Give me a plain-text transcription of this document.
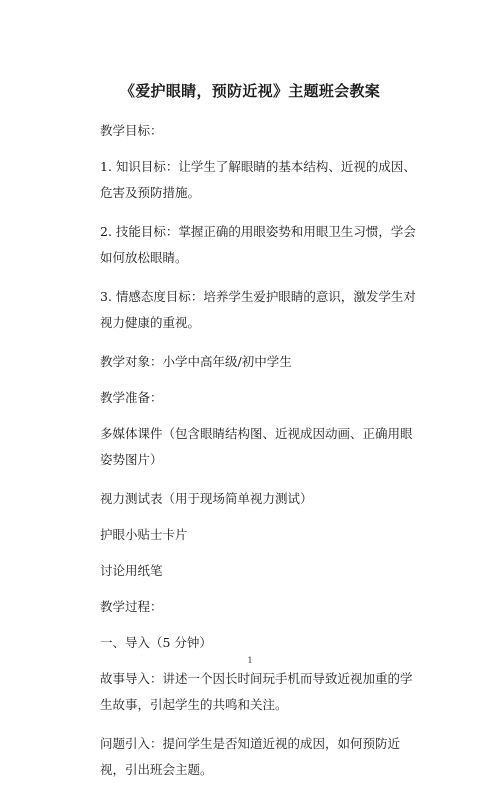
《爱护眼睛，预防近视》主题班会教案

教学目标：

1. 知识目标：让学生了解眼睛的基本结构、近视的成因、危害及预防措施。

2. 技能目标：掌握正确的用眼姿势和用眼卫生习惯，学会如何放松眼睛。

3. 情感态度目标：培养学生爱护眼睛的意识，激发学生对视力健康的重视。

教学对象：小学中高年级/初中学生

教学准备：

多媒体课件（包含眼睛结构图、近视成因动画、正确用眼姿势图片）

视力测试表（用于现场简单视力测试）

护眼小贴士卡片

讨论用纸笔

教学过程：

一、导入（5 分钟）

故事导入：讲述一个因长时间玩手机而导致近视加重的学生故事，引起学生的共鸣和关注。

问题引入：提问学生是否知道近视的成因，如何预防近视，引出班会主题。

1
